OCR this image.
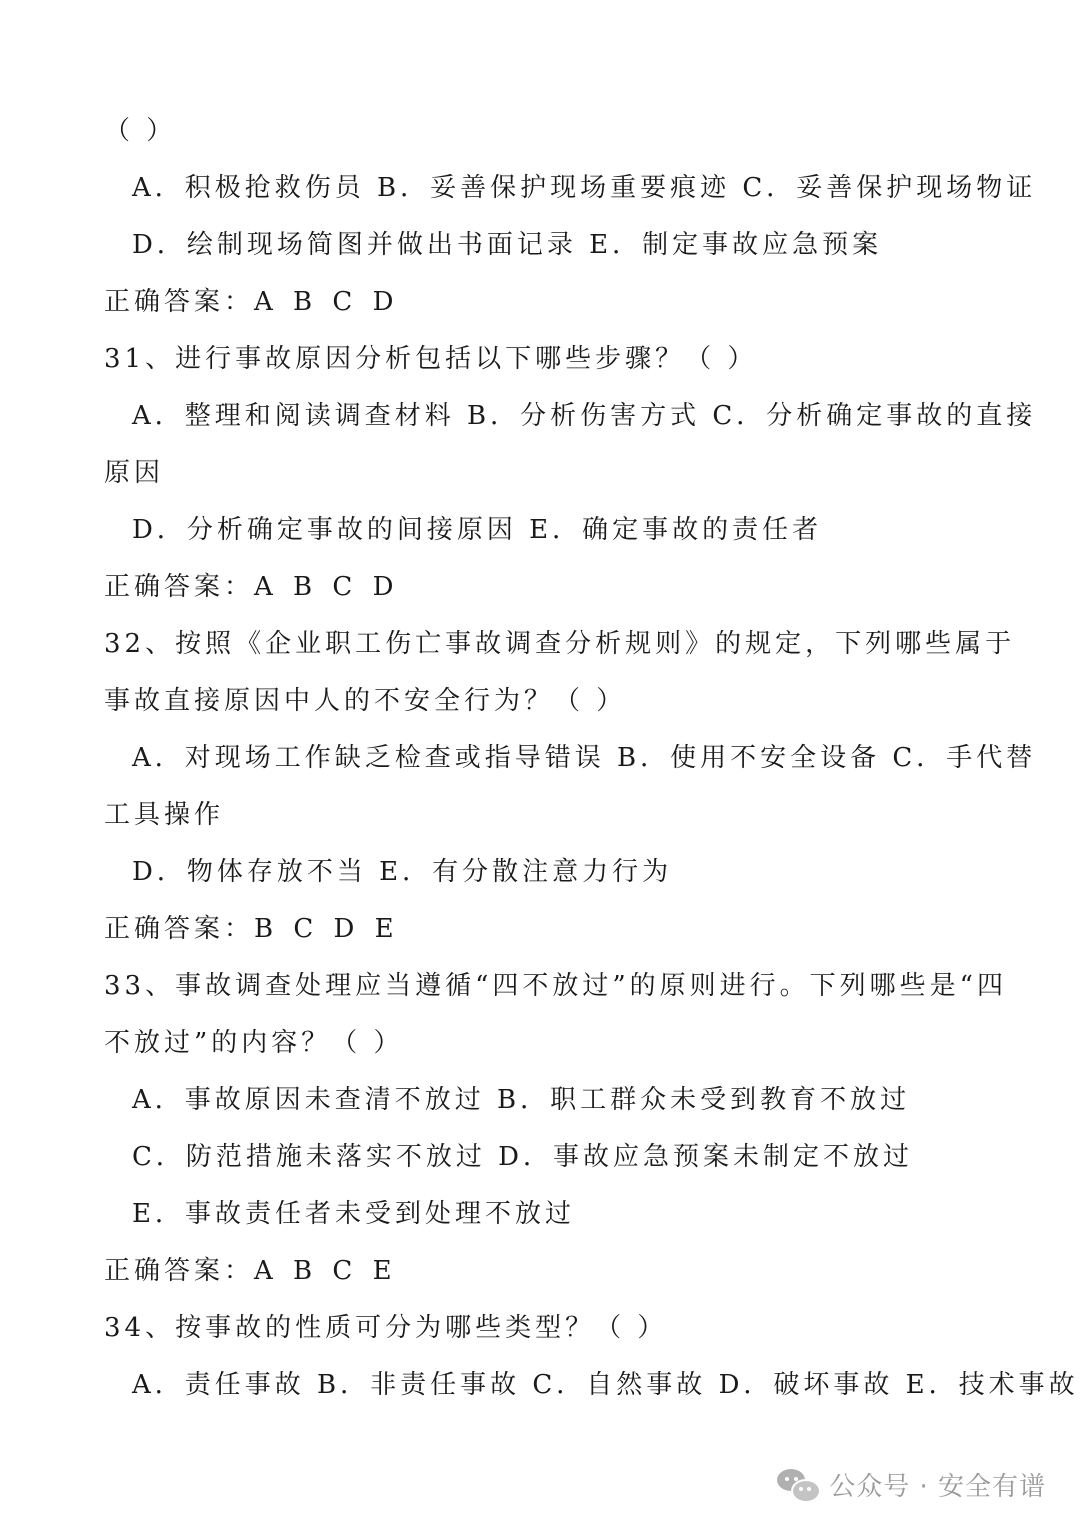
（ ）
A．积极抢救伤员 B．妥善保护现场重要痕迹 C．妥善保护现场物证
D．绘制现场简图并做出书面记录 E．制定事故应急预案
正确答案：A B C D
31、进行事故原因分析包括以下哪些步骤？（ ）
A．整理和阅读调查材料 B．分析伤害方式 C．分析确定事故的直接
原因
D．分析确定事故的间接原因 E．确定事故的责任者
正确答案：A B C D
32、按照《企业职工伤亡事故调查分析规则》的规定，下列哪些属于
事故直接原因中人的不安全行为？（ ）
A．对现场工作缺乏检查或指导错误 B．使用不安全设备 C．手代替
工具操作
D．物体存放不当 E．有分散注意力行为
正确答案：B C D E
33、事故调查处理应当遵循“四不放过”的原则进行。下列哪些是“四
不放过”的内容？（ ）
A．事故原因未查清不放过 B．职工群众未受到教育不放过
C．防范措施未落实不放过 D．事故应急预案未制定不放过
E．事故责任者未受到处理不放过
正确答案：A B C E
34、按事故的性质可分为哪些类型？（ ）
A．责任事故 B．非责任事故 C．自然事故 D．破坏事故 E．技术事故
公众号 · 安全有谱
